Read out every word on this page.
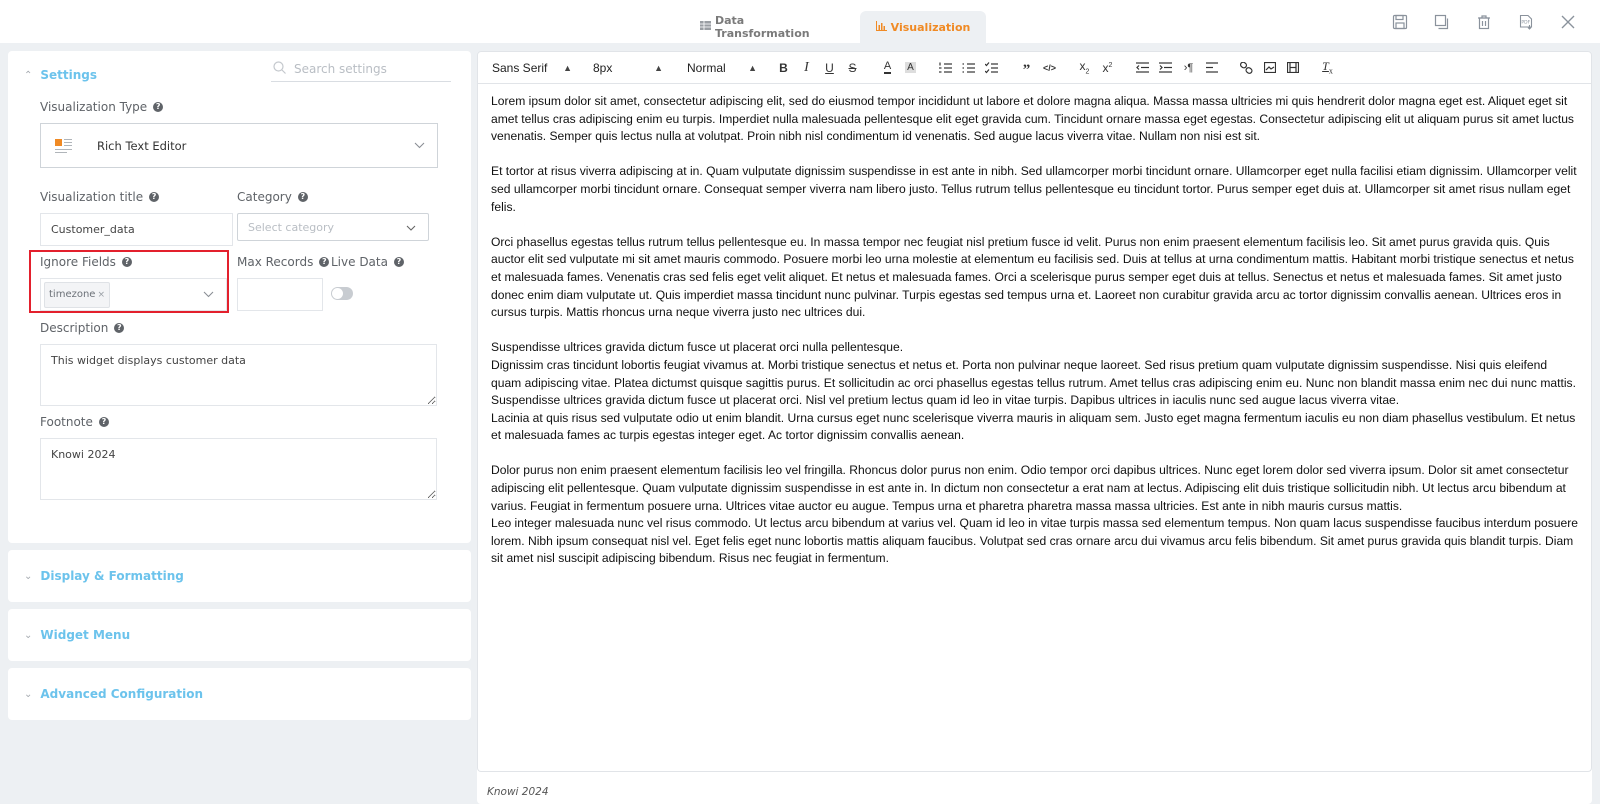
Data Transformation	Visualization	PDF
⌃ Settings
Search settings
Visualization Type	?
Rich Text Editor
Visualization title	?
Customer_data
Category	?
Select category
Ignore Fields	?
timezone ×
Max Records	? Live Data	?
Description	?
This widget displays customer data
Footnote	?
Knowi 2024
⌄ Display & Formatting
⌄ Widget Menu
⌄ Advanced Configuration
Sans Serif ▲︎ 8px	▲︎ Normal ▲︎ B I U S A A	” </> $x_2$ $x^2$	›¶	$T_x$

Lorem ipsum dolor sit amet, consectetur adipiscing elit, sed do eiusmod tempor incididunt ut labore et dolore magna aliqua. Massa massa ultricies mi quis hendrerit dolor magna eget est. Aliquet eget sit amet tellus cras adipiscing enim eu turpis. Imperdiet nulla malesuada pellentesque elit eget gravida cum. Tincidunt ornare massa eget egestas. Consectetur adipiscing elit ut aliquam purus sit amet luctus venenatis. Semper quis lectus nulla at volutpat. Proin nibh nisl condimentum id venenatis. Sed augue lacus viverra vitae. Nullam non nisi est sit.

Et tortor at risus viverra adipiscing at in. Quam vulputate dignissim suspendisse in est ante in nibh. Sed ullamcorper morbi tincidunt ornare. Ullamcorper eget nulla facilisi etiam dignissim. Ullamcorper velit sed ullamcorper morbi tincidunt ornare. Consequat semper viverra nam libero justo. Tellus rutrum tellus pellentesque eu tincidunt tortor. Purus semper eget duis at. Ullamcorper sit amet risus nullam eget felis.

Orci phasellus egestas tellus rutrum tellus pellentesque eu. In massa tempor nec feugiat nisl pretium fusce id velit. Purus non enim praesent elementum facilisis leo. Sit amet purus gravida quis. Quis auctor elit sed vulputate mi sit amet mauris commodo. Posuere morbi leo urna molestie at elementum eu facilisis sed. Duis at tellus at urna condimentum mattis. Habitant morbi tristique senectus et netus et malesuada fames. Venenatis cras sed felis eget velit aliquet. Et netus et malesuada fames. Orci a scelerisque purus semper eget duis at tellus. Senectus et netus et malesuada fames. Sit amet justo donec enim diam vulputate ut. Quis imperdiet massa tincidunt nunc pulvinar. Turpis egestas sed tempus urna et. Laoreet non curabitur gravida arcu ac tortor dignissim convallis aenean. Ultrices eros in cursus turpis. Mattis rhoncus urna neque viverra justo nec ultrices dui.

Suspendisse ultrices gravida dictum fusce ut placerat orci nulla pellentesque.

Dignissim cras tincidunt lobortis feugiat vivamus at. Morbi tristique senectus et netus et. Porta non pulvinar neque laoreet. Sed risus pretium quam vulputate dignissim suspendisse. Nisi quis eleifend quam adipiscing vitae. Platea dictumst quisque sagittis purus. Et sollicitudin ac orci phasellus egestas tellus rutrum. Amet tellus cras adipiscing enim eu. Nunc non blandit massa enim nec dui nunc mattis. Suspendisse ultrices gravida dictum fusce ut placerat orci. Nisl vel pretium lectus quam id leo in vitae turpis. Dapibus ultrices in iaculis nunc sed augue lacus viverra vitae.

Lacinia at quis risus sed vulputate odio ut enim blandit. Urna cursus eget nunc scelerisque viverra mauris in aliquam sem. Justo eget magna fermentum iaculis eu non diam phasellus vestibulum. Et netus et malesuada fames ac turpis egestas integer eget. Ac tortor dignissim convallis aenean.

Dolor purus non enim praesent elementum facilisis leo vel fringilla. Rhoncus dolor purus non enim. Odio tempor orci dapibus ultrices. Nunc eget lorem dolor sed viverra ipsum. Dolor sit amet consectetur adipiscing elit pellentesque. Quam vulputate dignissim suspendisse in est ante in. In dictum non consectetur a erat nam at lectus. Adipiscing elit duis tristique sollicitudin nibh. Ut lectus arcu bibendum at varius. Feugiat in fermentum posuere urna. Ultrices vitae auctor eu augue. Tempus urna et pharetra pharetra massa massa ultricies. Est ante in nibh mauris cursus mattis.

Leo integer malesuada nunc vel risus commodo. Ut lectus arcu bibendum at varius vel. Quam id leo in vitae turpis massa sed elementum tempus. Non quam lacus suspendisse faucibus interdum posuere lorem. Nibh ipsum consequat nisl vel. Eget felis eget nunc lobortis mattis aliquam faucibus. Volutpat sed cras ornare arcu dui vivamus arcu felis bibendum. Sit amet purus gravida quis blandit turpis. Diam sit amet nisl suscipit adipiscing bibendum. Risus nec feugiat in fermentum.

Knowi 2024
